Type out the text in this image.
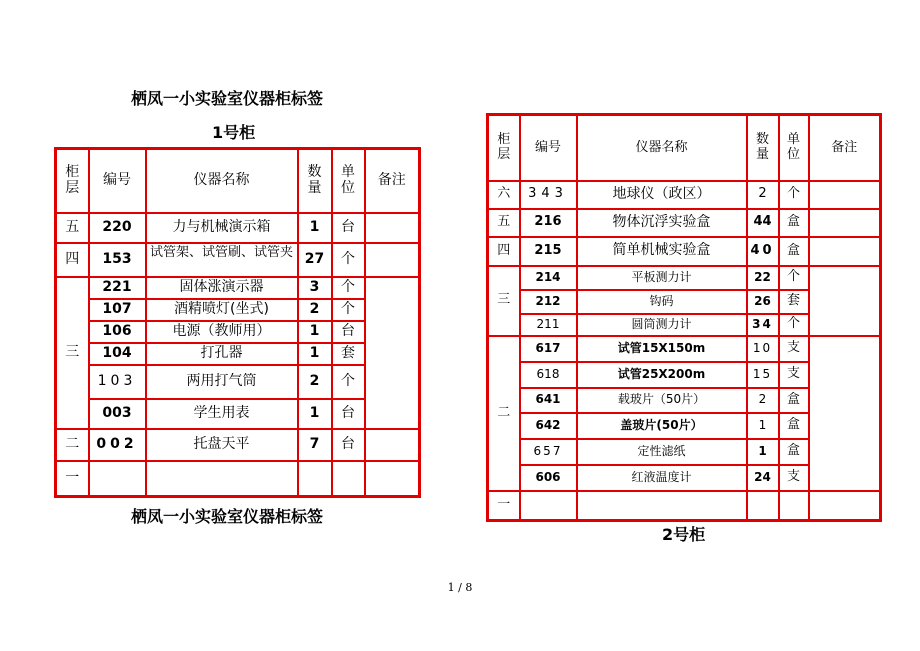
栖凤一小实验室仪器柜标签
1号柜
柜层	编号	仪器名称	数量	单位	备注
五	220	力与机械演示箱	1	台	
四	153	试管架、试管刷、试管夹	27	个	
三	221	固体涨演示器	3	个	
	107	酒精喷灯(坐式)	2	个	
	106	电源（教师用）	1	台	
	104	打孔器	1	套	
	103	两用打气筒	2	个	
	003	学生用表	1	台	
二	002	托盘天平	7	台	
一					
栖凤一小实验室仪器柜标签
柜层	编号	仪器名称	数量	单位	备注
六	343	地球仪（政区）	2	个	
五	216	物体沉浮实验盒	44	盒	
四	215	简单机械实验盒	40	盒	
三	214	平板测力计	22	个	
	212	钩码	26	套	
	211	圆筒测力计	34	个	
二	617	试管15X150m	10	支	
	618	试管25X200m	15	支	
	641	载玻片（50片）	2	盒	
	642	盖玻片(50片）	1	盒	
	657	定性滤纸	1	盒	
	606	红液温度计	24	支	
一					
2号柜
1 / 8
